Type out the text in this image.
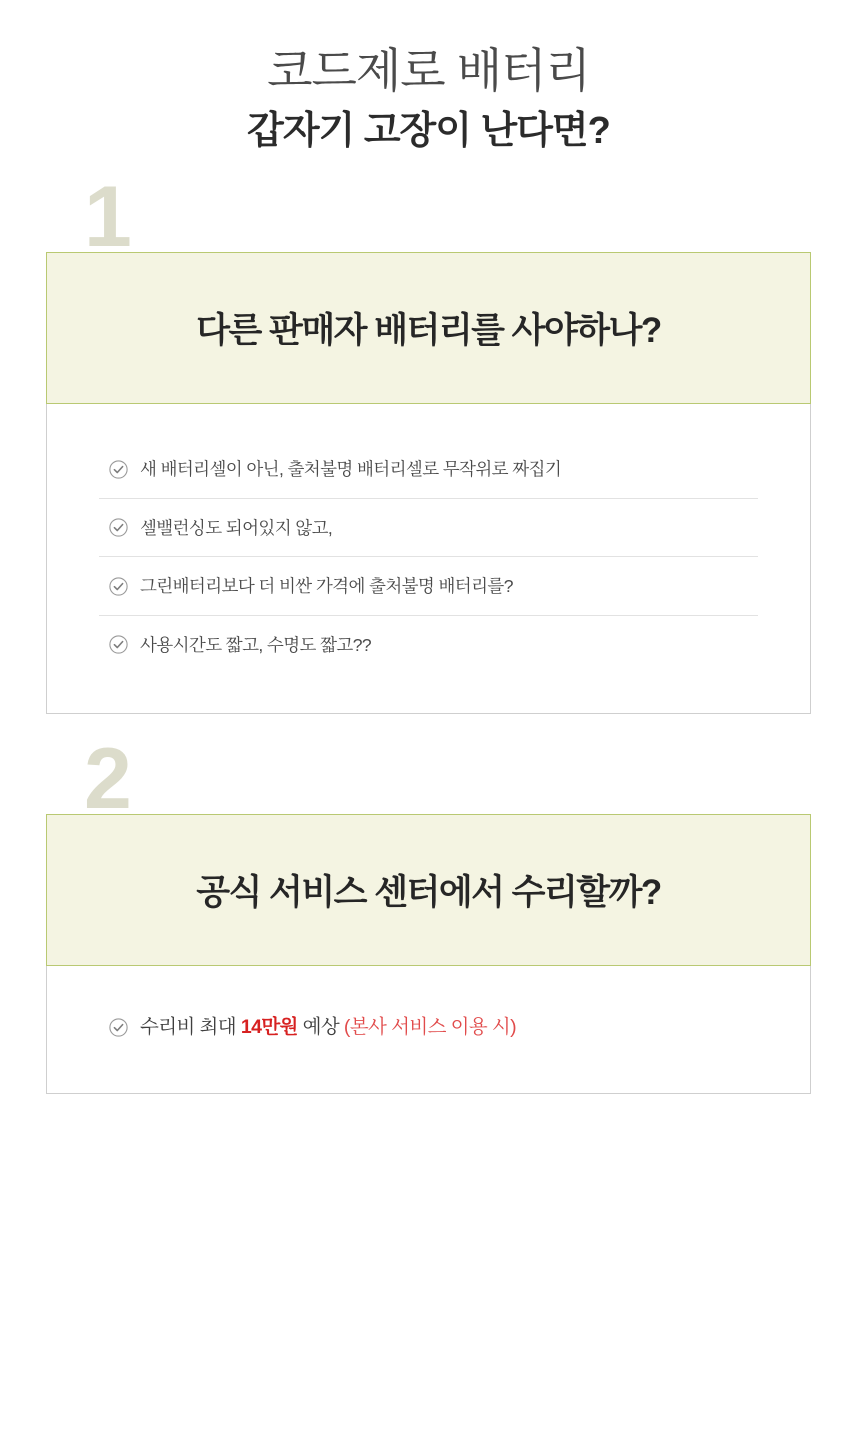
코드제로 배터리
갑자기 고장이 난다면?
1
다른 판매자 배터리를 사야하나?
새 배터리셀이 아닌, 출처불명 배터리셀로 무작위로 짜집기
셀밸런싱도 되어있지 않고,
그린배터리보다 더 비싼 가격에 출처불명 배터리를?
사용시간도 짧고, 수명도 짧고??
2
공식 서비스 센터에서 수리할까?
수리비 최대 14만원 예상 (본사 서비스 이용 시)
